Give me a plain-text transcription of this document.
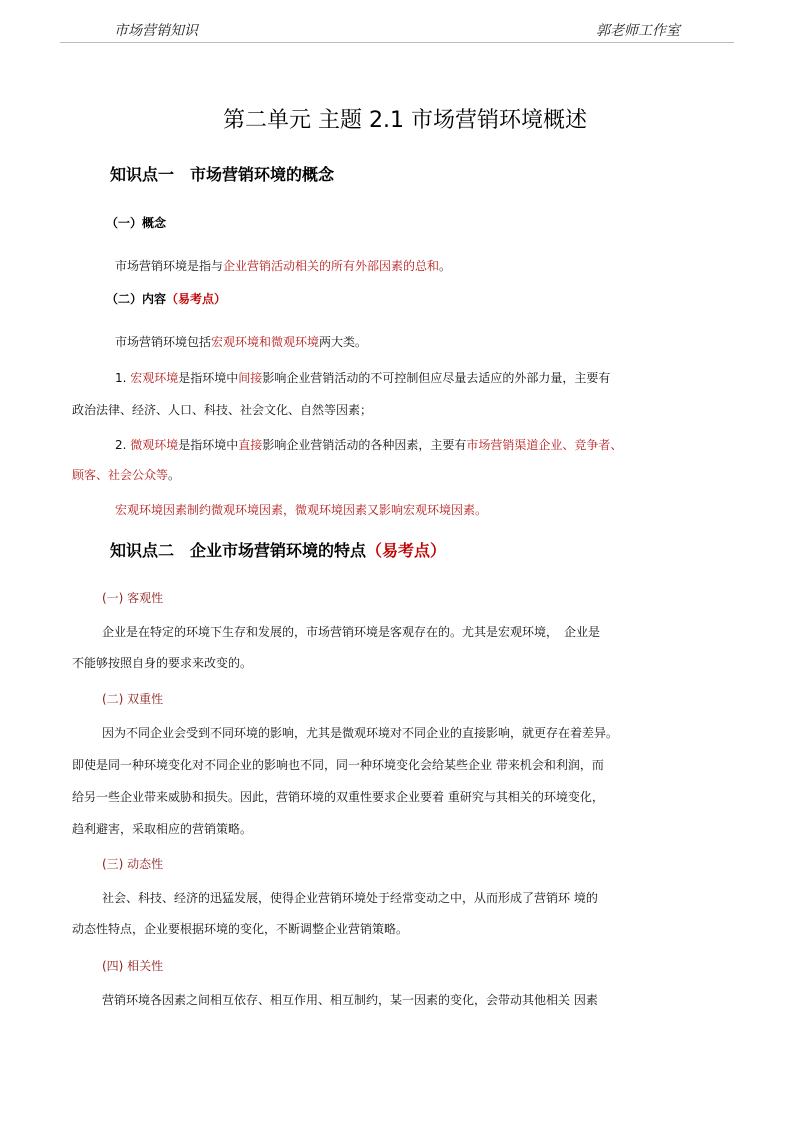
市场营销知识	郭老师工作室
第二单元 主题 2.1 市场营销环境概述
知识点一　市场营销环境的概念
（一）概念
市场营销环境是指与企业营销活动相关的所有外部因素的总和。
（二）内容（易考点）
市场营销环境包括宏观环境和微观环境两大类。
1. 宏观环境是指环境中间接影响企业营销活动的不可控制但应尽量去适应的外部力量，主要有
政治法律、经济、人口、科技、社会文化、自然等因素；
2. 微观环境是指环境中直接影响企业营销活动的各种因素，主要有市场营销渠道企业、竞争者、
顾客、社会公众等。
宏观环境因素制约微观环境因素，微观环境因素又影响宏观环境因素。
知识点二　企业市场营销环境的特点（易考点）
(一) 客观性
企业是在特定的环境下生存和发展的，市场营销环境是客观存在的。尤其是宏观环境，　企业是
不能够按照自身的要求来改变的。
(二) 双重性
因为不同企业会受到不同环境的影响，尤其是微观环境对不同企业的直接影响，就更存在着差异。
即使是同一种环境变化对不同企业的影响也不同，同一种环境变化会给某些企业 带来机会和利润，而
给另一些企业带来威胁和损失。因此，营销环境的双重性要求企业要着 重研究与其相关的环境变化，
趋利避害，采取相应的营销策略。
(三) 动态性
社会、科技、经济的迅猛发展，使得企业营销环境处于经常变动之中，从而形成了营销环 境的
动态性特点，企业要根据环境的变化，不断调整企业营销策略。
(四) 相关性
营销环境各因素之间相互依存、相互作用、相互制约，某一因素的变化，会带动其他相关 因素
